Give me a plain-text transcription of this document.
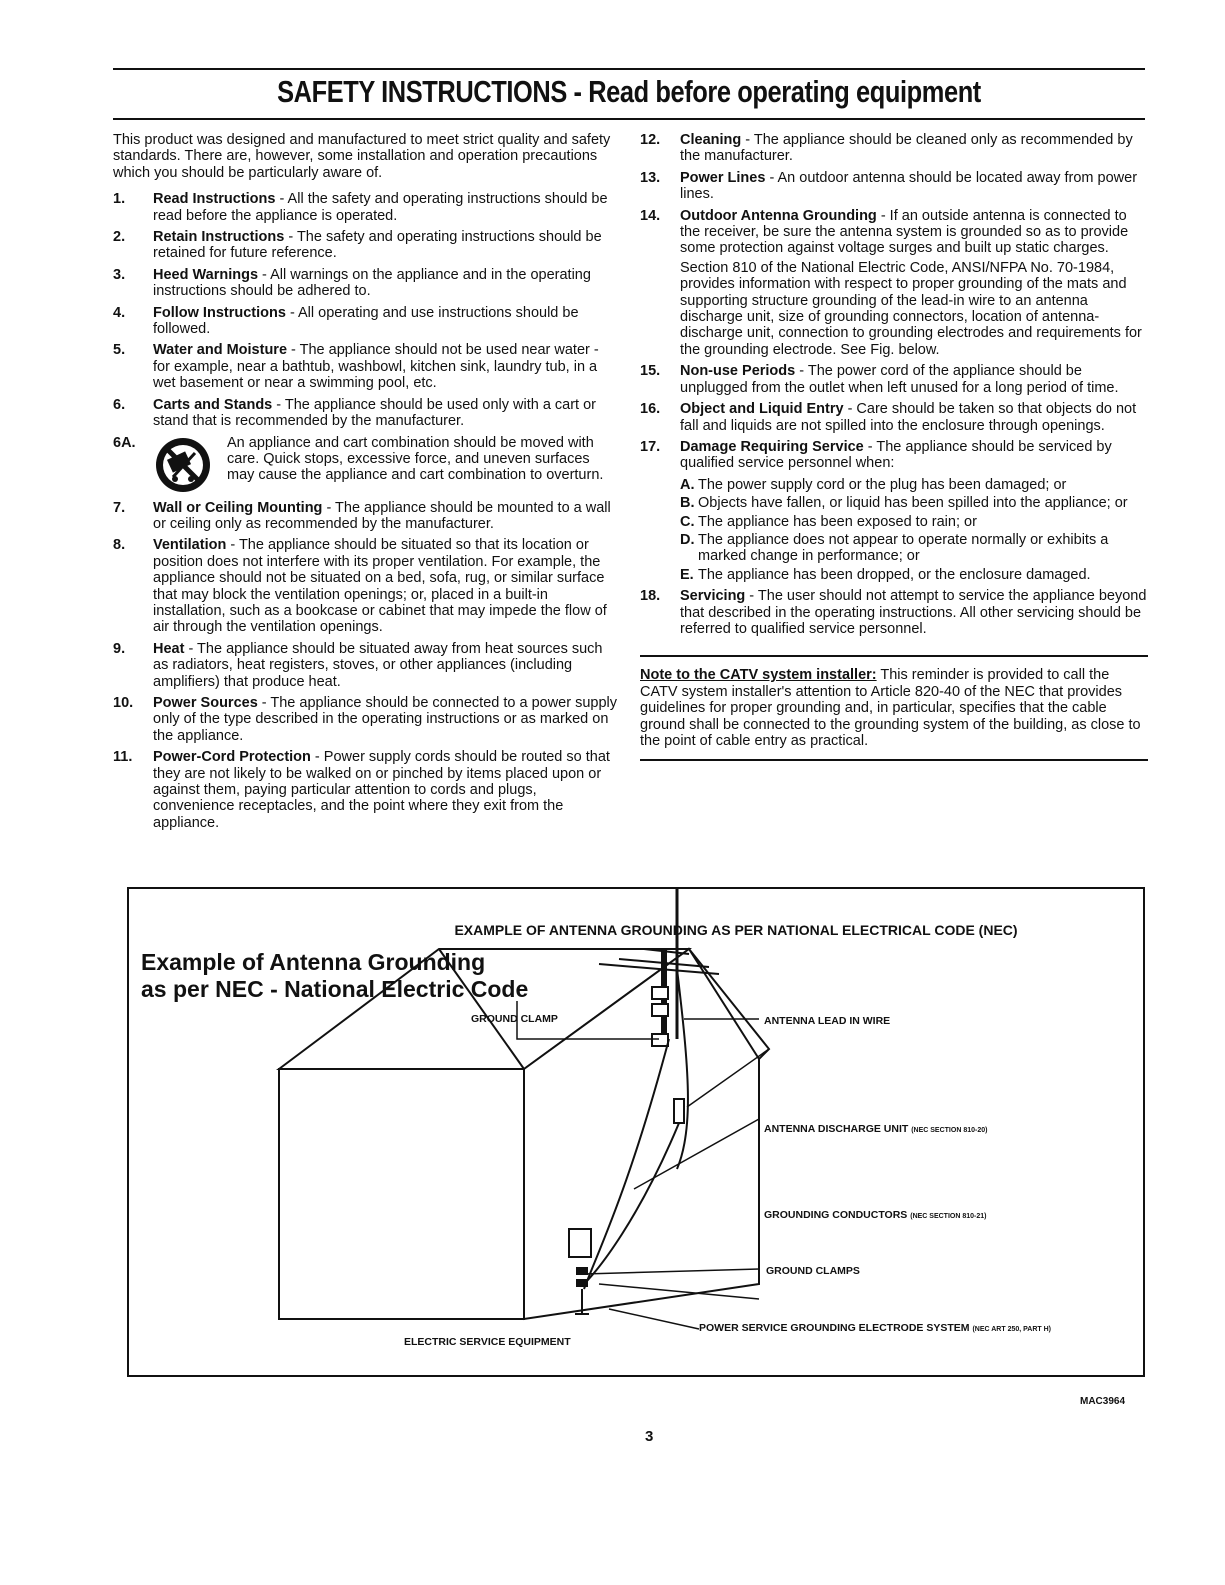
SAFETY INSTRUCTIONS - Read before operating equipment

This product was designed and manufactured to meet strict quality and safety standards. There are, however, some installation and operation precautions which you should be particularly aware of.

1. Read Instructions - All the safety and operating instructions should be read before the appliance is operated.
2. Retain Instructions - The safety and operating instructions should be retained for future reference.
3. Heed Warnings - All warnings on the appliance and in the operating instructions should be adhered to.
4. Follow Instructions - All operating and use instructions should be followed.
5. Water and Moisture - The appliance should not be used near water - for example, near a bathtub, washbowl, kitchen sink, laundry tub, in a wet basement or near a swimming pool, etc.
6. Carts and Stands - The appliance should be used only with a cart or stand that is recommended by the manufacturer.
6A.	An appliance and cart combination should be moved with care. Quick stops, excessive force, and uneven surfaces may cause the appliance and cart combination to overturn.
7. Wall or Ceiling Mounting - The appliance should be mounted to a wall or ceiling only as recommended by the manufacturer.
8. Ventilation - The appliance should be situated so that its location or position does not interfere with its proper ventilation. For example, the appliance should not be situated on a bed, sofa, rug, or similar surface that may block the ventilation openings; or, placed in a built-in installation, such as a bookcase or cabinet that may impede the flow of air through the ventilation openings.
9. Heat - The appliance should be situated away from heat sources such as radiators, heat registers, stoves, or other appliances (including amplifiers) that produce heat.
10. Power Sources - The appliance should be connected to a power supply only of the type described in the operating instructions or as marked on the appliance.
11. Power-Cord Protection - Power supply cords should be routed so that they are not likely to be walked on or pinched by items placed upon or against them, paying particular attention to cords and plugs, convenience receptacles, and the point where they exit from the appliance.
12. Cleaning - The appliance should be cleaned only as recommended by the manufacturer.
13. Power Lines - An outdoor antenna should be located away from power lines.
14. Outdoor Antenna Grounding - If an outside antenna is connected to the receiver, be sure the antenna system is grounded so as to provide some protection against voltage surges and built up static charges.
Section 810 of the National Electric Code, ANSI/NFPA No. 70-1984, provides information with respect to proper grounding of the mats and supporting structure grounding of the lead-in wire to an antenna discharge unit, size of grounding connectors, location of antenna-discharge unit, connection to grounding electrodes and requirements for the grounding electrode. See Fig. below.
15. Non-use Periods - The power cord of the appliance should be unplugged from the outlet when left unused for a long period of time.
16. Object and Liquid Entry - Care should be taken so that objects do not fall and liquids are not spilled into the enclosure through openings.
17. Damage Requiring Service - The appliance should be serviced by qualified service personnel when:
A. The power supply cord or the plug has been damaged; or
B. Objects have fallen, or liquid has been spilled into the appliance; or
C. The appliance has been exposed to rain; or
D. The appliance does not appear to operate normally or exhibits a marked change in performance; or
E. The appliance has been dropped, or the enclosure damaged.
18. Servicing - The user should not attempt to service the appliance beyond that described in the operating instructions. All other servicing should be referred to qualified service personnel.
Note to the CATV system installer: This reminder is provided to call the CATV system installer's attention to Article 820-40 of the NEC that provides guidelines for proper grounding and, in particular, specifies that the cable ground shall be connected to the grounding system of the building, as close to the point of cable entry as practical.
EXAMPLE OF ANTENNA GROUNDING AS PER NATIONAL ELECTRICAL CODE (NEC)
Example of Antenna Grounding
as per NEC - National Electric Code
GROUND CLAMP	ANTENNA LEAD IN WIRE
ANTENNA DISCHARGE UNIT (NEC SECTION 810-20)
GROUNDING CONDUCTORS (NEC SECTION 810-21)
GROUND CLAMPS
POWER SERVICE GROUNDING ELECTRODE SYSTEM (NEC ART 250, PART H)
ELECTRIC SERVICE EQUIPMENT
MAC3964
3
